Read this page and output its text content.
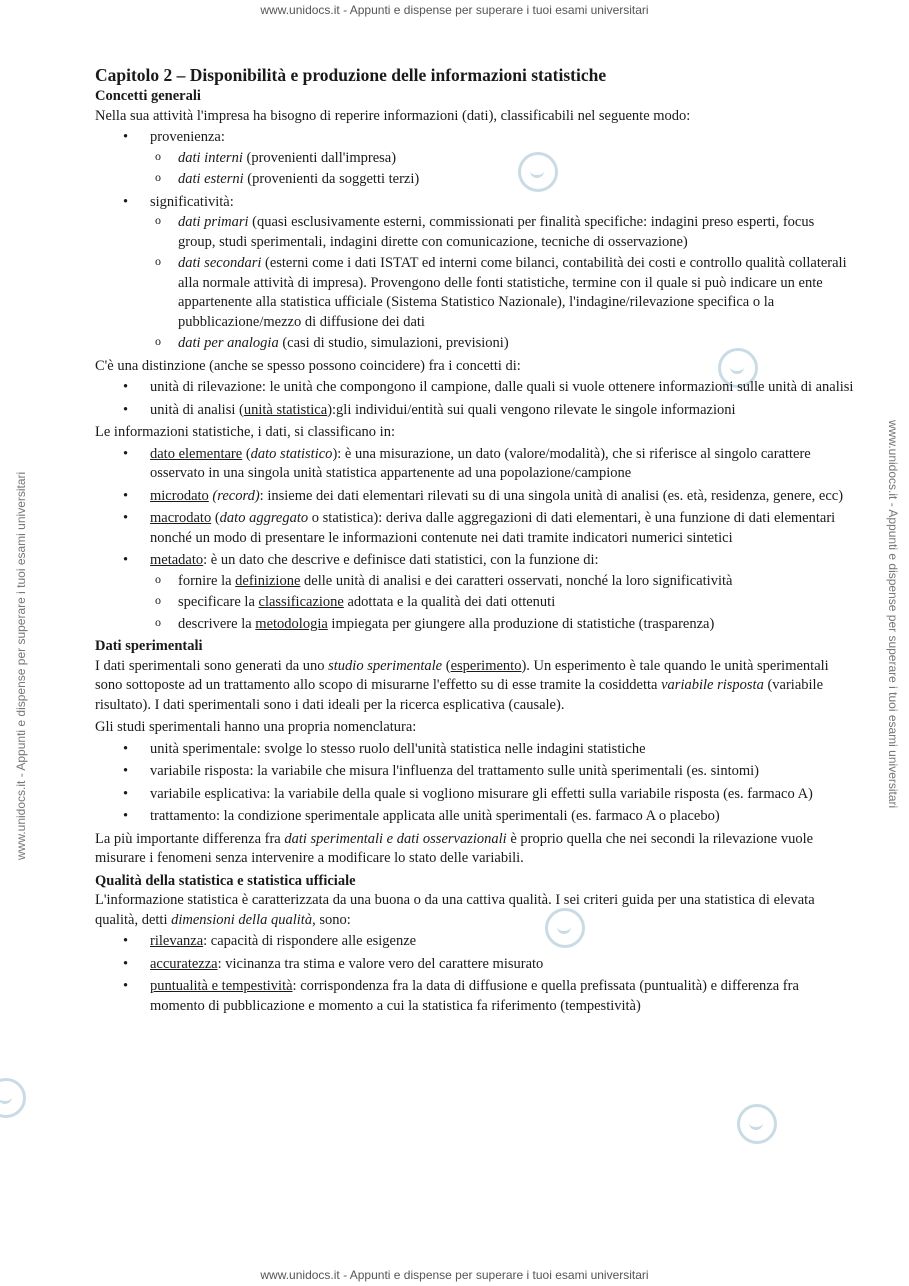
www.unidocs.it - Appunti e dispense per superare i tuoi esami universitari
www.unidocs.it - Appunti e dispense per superare i tuoi esami universitari
www.unidocs.it - Appunti e dispense per superare i tuoi esami universitari	www.unidocs.it - Appunti e dispense per superare i tuoi esami universitari
Capitolo 2 – Disponibilità e produzione delle informazioni statistiche
Concetti generali

Nella sua attività l'impresa ha bisogno di reperire informazioni (dati), classificabili nel seguente modo:

• provenienza:
o dati interni (provenienti dall'impresa)
o dati esterni (provenienti da soggetti terzi)
• significatività:
o dati primari (quasi esclusivamente esterni, commissionati per finalità specifiche: indagini preso esperti, focus group, studi sperimentali, indagini dirette con comunicazione, tecniche di osservazione)
o dati secondari (esterni come i dati ISTAT ed interni come bilanci, contabilità dei costi e controllo qualità collaterali alla normale attività di impresa). Provengono delle fonti statistiche, termine con il quale si può indicare un ente appartenente alla statistica ufficiale (Sistema Statistico Nazionale), l'indagine/rilevazione specifica o la pubblicazione/mezzo di diffusione dei dati
o dati per analogia (casi di studio, simulazioni, previsioni)

C'è una distinzione (anche se spesso possono coincidere) fra i concetti di:

• unità di rilevazione: le unità che compongono il campione, dalle quali si vuole ottenere informazioni sulle unità di analisi
• unità di analisi (unità statistica):gli individui/entità sui quali vengono rilevate le singole informazioni

Le informazioni statistiche, i dati, si classificano in:

• dato elementare (dato statistico): è una misurazione, un dato (valore/modalità), che si riferisce al singolo carattere osservato in una singola unità statistica appartenente ad una popolazione/campione
• microdato (record): insieme dei dati elementari rilevati su di una singola unità di analisi (es. età, residenza, genere, ecc)
• macrodato (dato aggregato o statistica): deriva dalle aggregazioni di dati elementari, è una funzione di dati elementari nonché un modo di presentare le informazioni contenute nei dati tramite indicatori numerici sintetici
• metadato: è un dato che descrive e definisce dati statistici, con la funzione di:
o fornire la definizione delle unità di analisi e dei caratteri osservati, nonché la loro significatività
o specificare la classificazione adottata e la qualità dei dati ottenuti
o descrivere la metodologia impiegata per giungere alla produzione di statistiche (trasparenza)
Dati sperimentali

I dati sperimentali sono generati da uno studio sperimentale (esperimento). Un esperimento è tale quando le unità sperimentali sono sottoposte ad un trattamento allo scopo di misurarne l'effetto su di esse tramite la cosiddetta variabile risposta (variabile risultato). I dati sperimentali sono i dati ideali per la ricerca esplicativa (causale).

Gli studi sperimentali hanno una propria nomenclatura:

• unità sperimentale: svolge lo stesso ruolo dell'unità statistica nelle indagini statistiche
• variabile risposta: la variabile che misura l'influenza del trattamento sulle unità sperimentali (es. sintomi)
• variabile esplicativa: la variabile della quale si vogliono misurare gli effetti sulla variabile risposta (es. farmaco A)
• trattamento: la condizione sperimentale applicata alle unità sperimentali (es. farmaco A o placebo)

La più importante differenza fra dati sperimentali e dati osservazionali è proprio quella che nei secondi la rilevazione vuole misurare i fenomeni senza intervenire a modificare lo stato delle variabili.

Qualità della statistica e statistica ufficiale

L'informazione statistica è caratterizzata da una buona o da una cattiva qualità. I sei criteri guida per una statistica di elevata qualità, detti dimensioni della qualità, sono:

• rilevanza: capacità di rispondere alle esigenze
• accuratezza: vicinanza tra stima e valore vero del carattere misurato
• puntualità e tempestività: corrispondenza fra la data di diffusione e quella prefissata (puntualità) e differenza fra momento di pubblicazione e momento a cui la statistica fa riferimento (tempestività)
